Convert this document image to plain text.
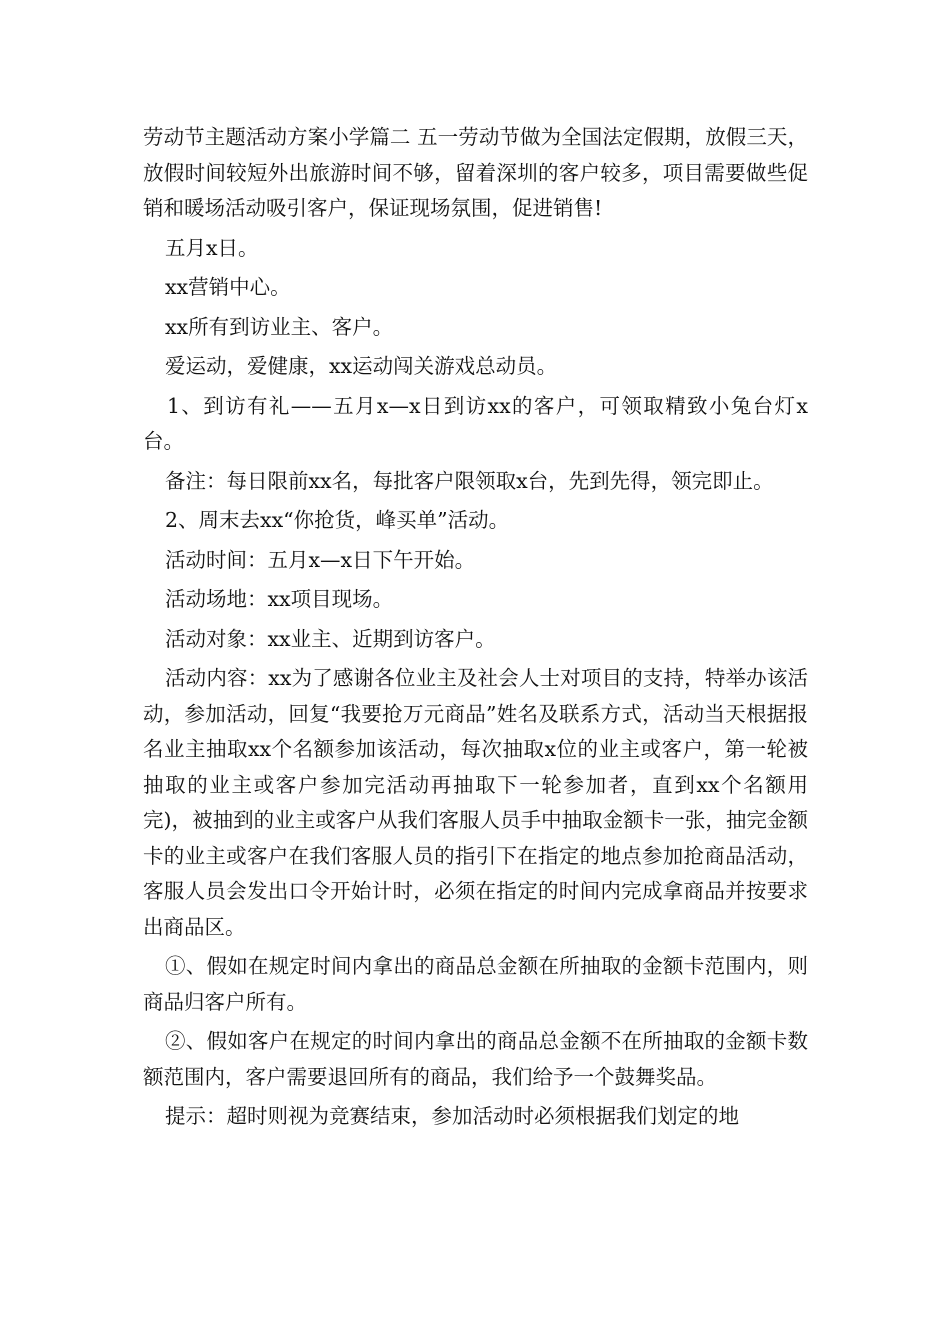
劳动节主题活动方案小学篇二 五一劳动节做为全国法定假期，放假三天，放假时间较短外出旅游时间不够，留着深圳的客户较多，项目需要做些促销和暖场活动吸引客户，保证现场氛围，促进销售!

五月x日。

xx营销中心。

xx所有到访业主、客户。

爱运动，爱健康，xx运动闯关游戏总动员。

1、到访有礼——五月x—x日到访xx的客户，可领取精致小兔台灯x台。

备注：每日限前xx名，每批客户限领取x台，先到先得，领完即止。

2、周末去xx“你抢货，峰买单”活动。

活动时间：五月x—x日下午开始。

活动场地：xx项目现场。

活动对象：xx业主、近期到访客户。

活动内容：xx为了感谢各位业主及社会人士对项目的支持，特举办该活动，参加活动，回复“我要抢万元商品”姓名及联系方式，活动当天根据报名业主抽取xx个名额参加该活动，每次抽取x位的业主或客户，第一轮被抽取的业主或客户参加完活动再抽取下一轮参加者，直到xx个名额用完)，被抽到的业主或客户从我们客服人员手中抽取金额卡一张，抽完金额卡的业主或客户在我们客服人员的指引下在指定的地点参加抢商品活动，客服人员会发出口令开始计时，必须在指定的时间内完成拿商品并按要求出商品区。

①、假如在规定时间内拿出的商品总金额在所抽取的金额卡范围内，则商品归客户所有。

②、假如客户在规定的时间内拿出的商品总金额不在所抽取的金额卡数额范围内，客户需要退回所有的商品，我们给予一个鼓舞奖品。

提示：超时则视为竞赛结束，参加活动时必须根据我们划定的地
